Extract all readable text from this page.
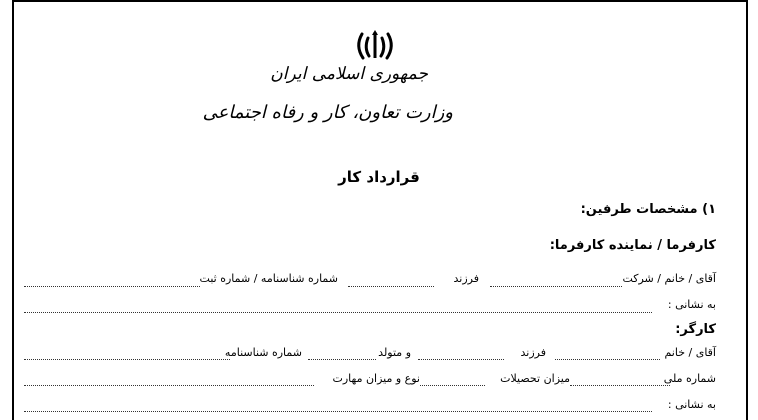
جمهوری اسلامی ایران
وزارت تعاون، کار و رفاه اجتماعی
قرارداد کار
۱) مشخصات طرفین:
کارفرما / نماینده کارفرما:
آقای / خانم / شرکت
فرزند
شماره شناسنامه / شماره ثبت
به نشانی :
کارگر:
آقای / خانم
فرزند
و متولد
شماره شناسنامه
شماره ملی
میزان تحصیلات
نوع و میزان مهارت
به نشانی :
